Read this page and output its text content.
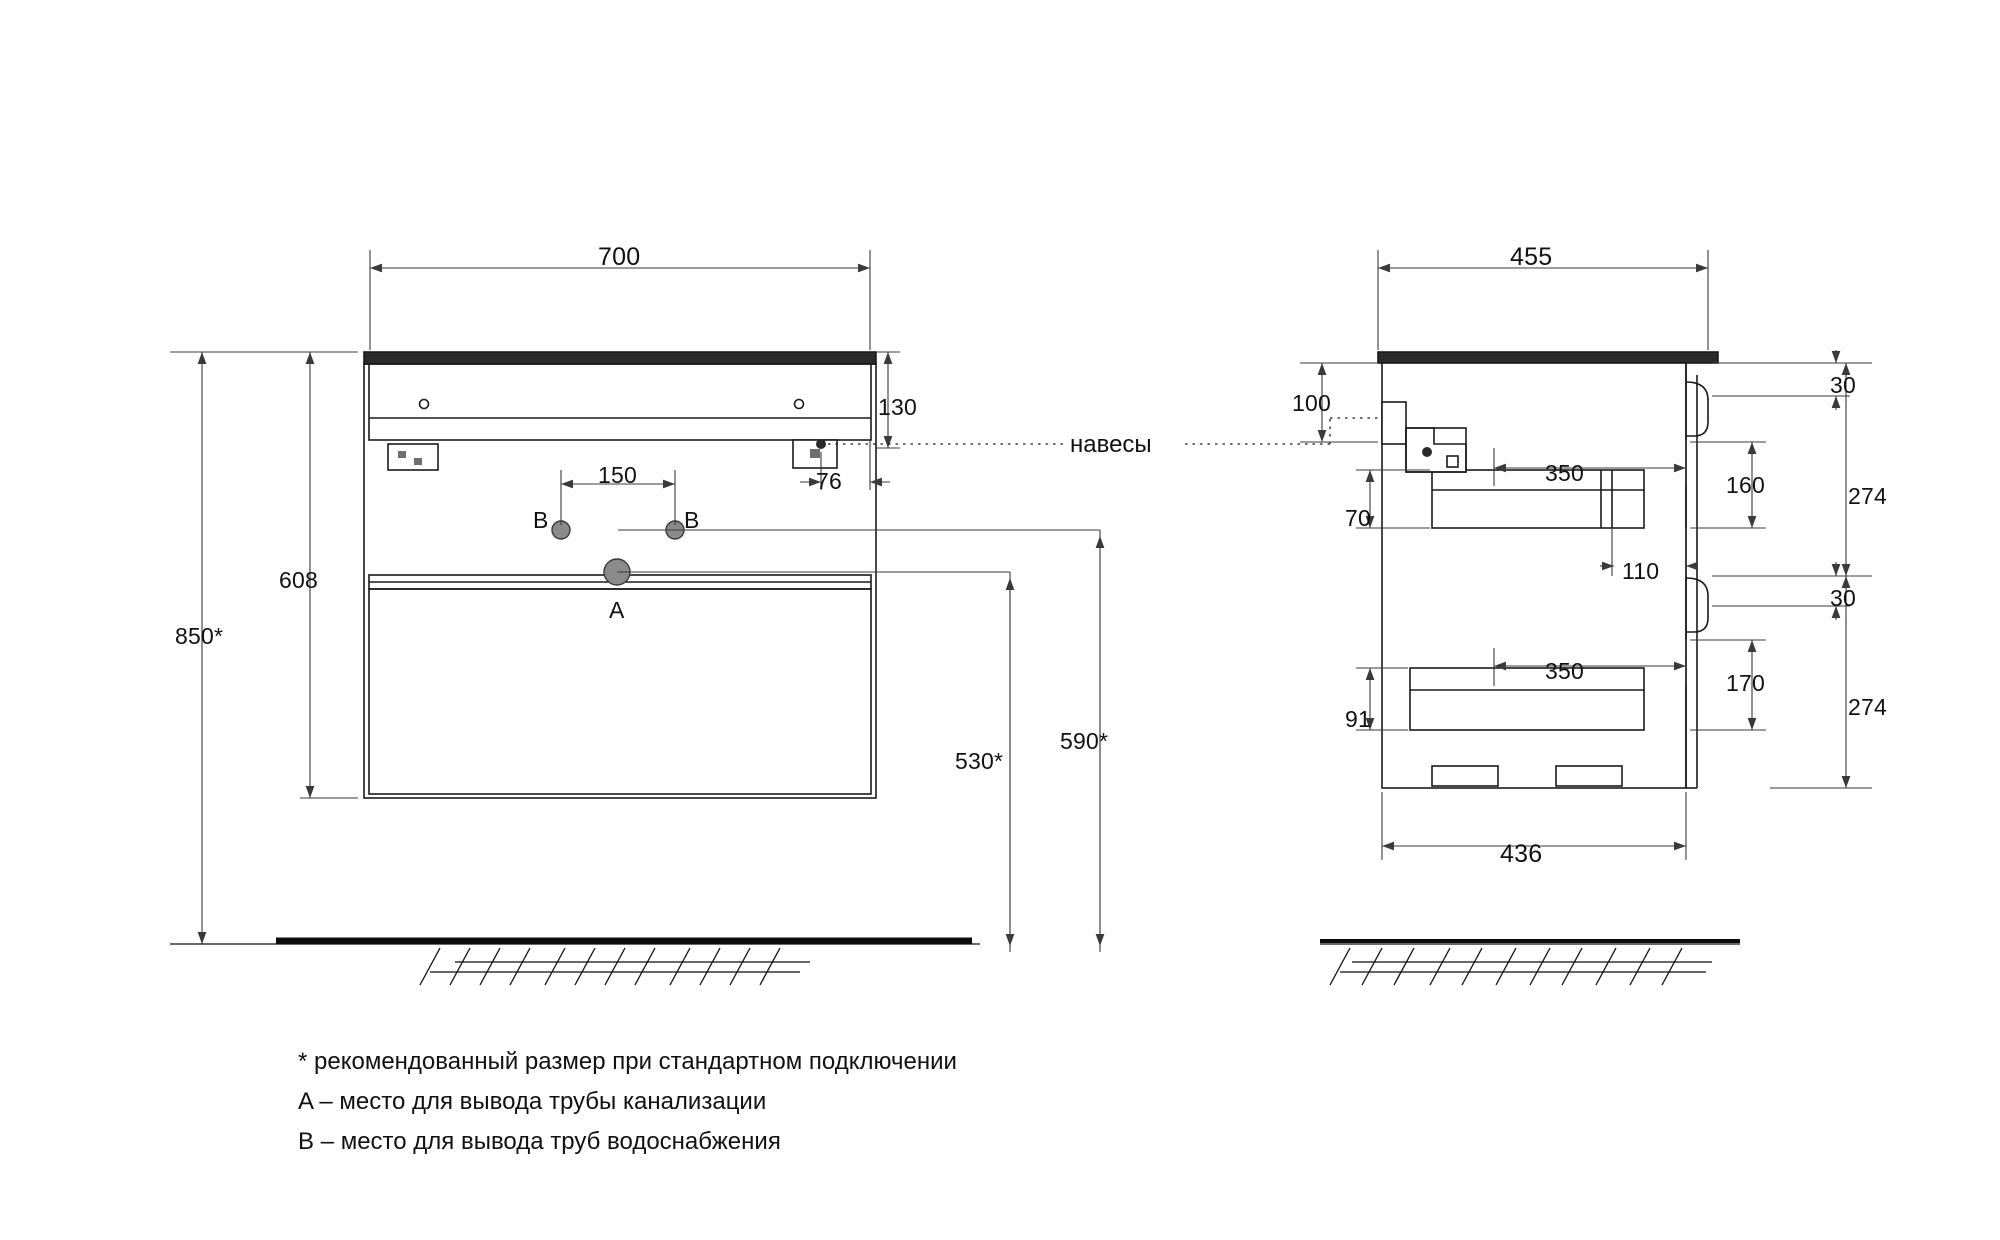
700
130
150	76
608
850*
530*
590*
B	B
A
навесы
455
100
30
350
70
110
160	274
30
350
91
170
274
436
* рекомендованный размер при стандартном подключении
A – место для вывода трубы канализации
B – место для вывода труб водоснабжения
